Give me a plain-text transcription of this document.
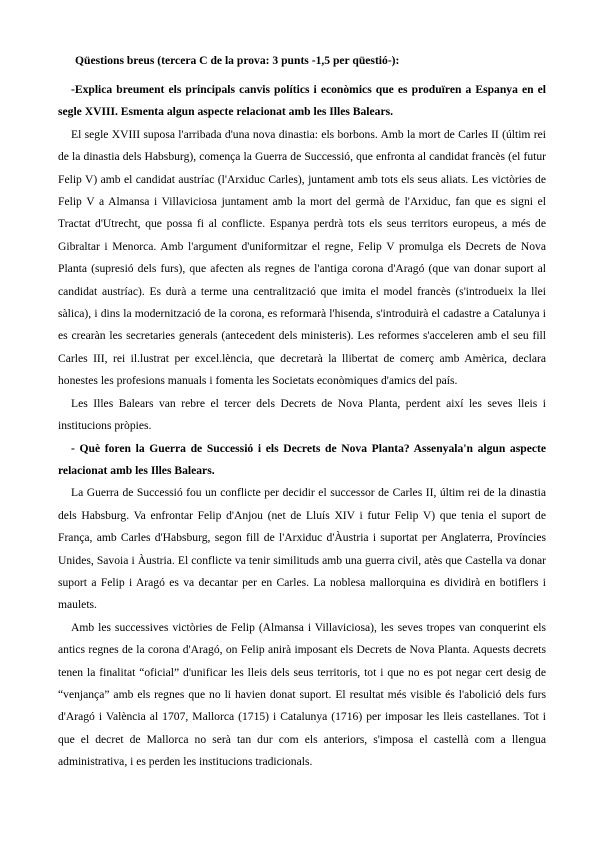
Qüestions breus (tercera C de la prova: 3 punts -1,5 per qüestió-):

-Explica breument els principals canvis polítics i econòmics que es produïren a Espanya en el segle XVIII. Esmenta algun aspecte relacionat amb les Illes Balears.

El segle XVIII suposa l'arribada d'una nova dinastia: els borbons. Amb la mort de Carles II (últim rei de la dinastia dels Habsburg), comença la Guerra de Successió, que enfronta al candidat francès (el futur Felip V) amb el candidat austríac (l'Arxiduc Carles), juntament amb tots els seus aliats. Les victòries de Felip V a Almansa i Villaviciosa juntament amb la mort del germà de l'Arxiduc, fan que es signi el Tractat d'Utrecht, que possa fi al conflicte. Espanya perdrà tots els seus territors europeus, a més de Gibraltar i Menorca. Amb l'argument d'uniformitzar el regne, Felip V promulga els Decrets de Nova Planta (supresió dels furs), que afecten als regnes de l'antiga corona d'Aragó (que van donar suport al candidat austríac). Es durà a terme una centralització que imita el model francès (s'introdueix la llei sàlica), i dins la modernització de la corona, es reformarà l'hisenda, s'introduirà el cadastre a Catalunya i es crearàn les secretaries generals (antecedent dels ministeris). Les reformes s'acceleren amb el seu fill Carles III, rei il.lustrat per excel.lència, que decretarà la llibertat de comerç amb Amèrica, declara honestes les profesions manuals i fomenta les Societats econòmiques d'amics del país.

Les Illes Balears van rebre el tercer dels Decrets de Nova Planta, perdent així les seves lleis i institucions pròpies.

- Què foren la Guerra de Successió i els Decrets de Nova Planta? Assenyala'n algun aspecte relacionat amb les Illes Balears.

La Guerra de Successió fou un conflicte per decidir el successor de Carles II, últim rei de la dinastia dels Habsburg. Va enfrontar Felip d'Anjou (net de Lluís XIV i futur Felip V) que tenia el suport de França, amb Carles d'Habsburg, segon fill de l'Arxiduc d'Àustria i suportat per Anglaterra, Províncies Unides, Savoia i Àustria. El conflicte va tenir similituds amb una guerra civil, atès que Castella va donar suport a Felip i Aragó es va decantar per en Carles. La noblesa mallorquina es dividirà en botiflers i maulets.

Amb les successives victòries de Felip (Almansa i Villaviciosa), les seves tropes van conquerint els antics regnes de la corona d'Aragó, on Felip anirà imposant els Decrets de Nova Planta. Aquests decrets tenen la finalitat “oficial” d'unificar les lleis dels seus territoris, tot i que no es pot negar cert desig de “venjança” amb els regnes que no li havien donat suport. El resultat més visible és l'abolició dels furs d'Aragó i València al 1707, Mallorca (1715) i Catalunya (1716) per imposar les lleis castellanes. Tot i que el decret de Mallorca no serà tan dur com els anteriors, s'imposa el castellà com a llengua administrativa, i es perden les institucions tradicionals.
